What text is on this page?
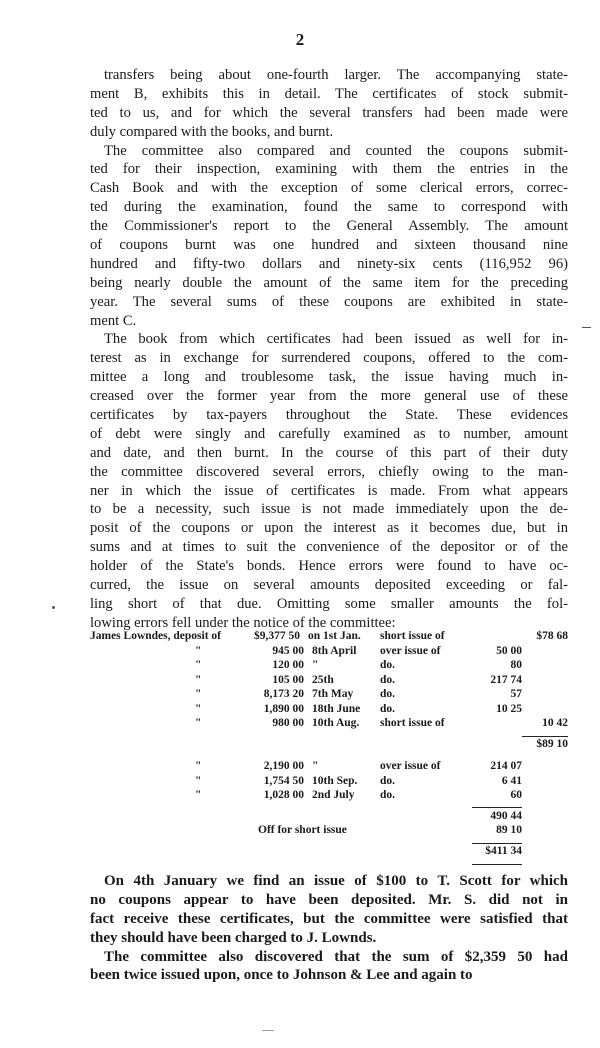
2
transfers being about one-fourth larger. The accompanying state-
ment B, exhibits this in detail. The certificates of stock submit-
ted to us, and for which the several transfers had been made were
duly compared with the books, and burnt.
The committee also compared and counted the coupons submit-
ted for their inspection, examining with them the entries in the
Cash Book and with the exception of some clerical errors, correc-
ted during the examination, found the same to correspond with
the Commissioner's report to the General Assembly. The amount
of coupons burnt was one hundred and sixteen thousand nine
hundred and fifty-two dollars and ninety-six cents (116,952 96)
being nearly double the amount of the same item for the preceding
year. The several sums of these coupons are exhibited in state-
ment C.
The book from which certificates had been issued as well for in-
terest as in exchange for surrendered coupons, offered to the com-
mittee a long and troublesome task, the issue having much in-
creased over the former year from the more general use of these
certificates by tax-payers throughout the State. These evidences
of debt were singly and carefully examined as to number, amount
and date, and then burnt. In the course of this part of their duty
the committee discovered several errors, chiefly owing to the man-
ner in which the issue of certificates is made. From what appears
to be a necessity, such issue is not made immediately upon the de-
posit of the coupons or upon the interest as it becomes due, but in
sums and at times to suit the convenience of the depositor or of the
holder of the State's bonds. Hence errors were found to have oc-
curred, the issue on several amounts deposited exceeding or fal-
ling short of that due. Omitting some smaller amounts the fol-
lowing errors fell under the notice of the committee:
James Lowndes, deposit of	$9,377 50 on 1st Jan. short issue of	$78 68
"	945 00 8th April over issue of	50 00
"	120 00 "	do.	80
"	105 00 25th	do.	217 74
"	8,173 20 7th May do.	57
"	1,890 00 18th June do.	10 25
"	980 00 10th Aug. short issue of	10 42
$89 10
"	2,190 00 "	over issue of	214 07
"	1,754 50 10th Sep. do.	6 41
"	1,028 00 2nd July do.	60
490 44
Off for short issue	89 10
$411 34
On 4th January we find an issue of $100 to T. Scott for which
no coupons appear to have been deposited. Mr. S. did not in
fact receive these certificates, but the committee were satisfied that
they should have been charged to J. Lownds.
The committee also discovered that the sum of $2,359 50 had
been twice issued upon, once to Johnson & Lee and again to
